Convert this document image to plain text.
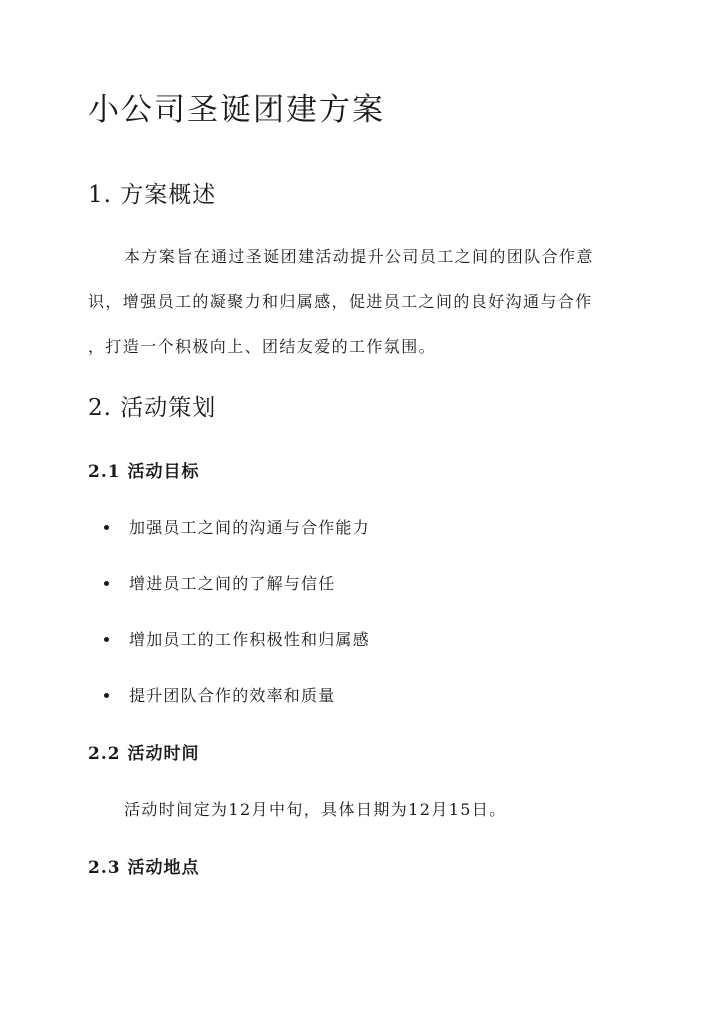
小公司圣诞团建方案
1. 方案概述
本方案旨在通过圣诞团建活动提升公司员工之间的团队合作意
识，增强员工的凝聚力和归属感，促进员工之间的良好沟通与合作
，打造一个积极向上、团结友爱的工作氛围。
2. 活动策划
2.1 活动目标
加强员工之间的沟通与合作能力
增进员工之间的了解与信任
增加员工的工作积极性和归属感
提升团队合作的效率和质量
2.2 活动时间
活动时间定为12月中旬，具体日期为12月15日。
2.3 活动地点
